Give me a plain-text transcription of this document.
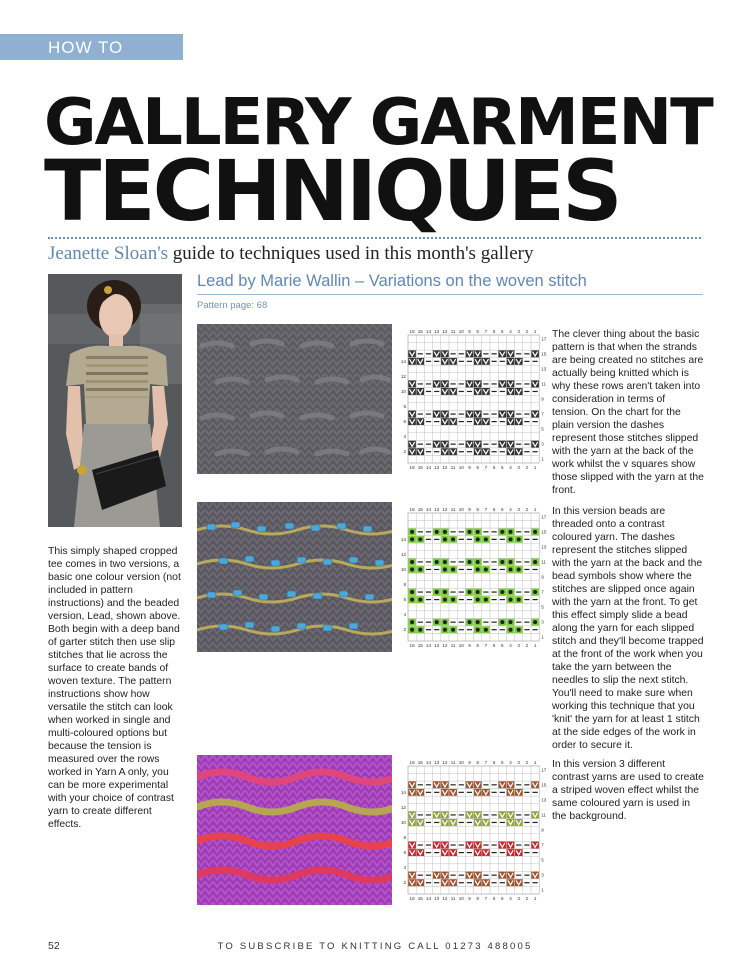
HOW TO
GALLERY GARMENT
TECHNIQUES
Jeanette Sloan's guide to techniques used in this month's gallery
Lead by Marie Wallin – Variations on the woven stitch
Pattern page: 68
This simply shaped cropped tee comes in two versions, a basic one colour version (not included in pattern instructions) and the beaded version, Lead, shown above. Both begin with a deep band of garter stitch then use slip stitches that lie across the surface to create bands of woven texture. The pattern instructions show how versatile the stitch can look when worked in single and multi-coloured options but because the tension is measured over the rows worked in Yarn A only, you can be more experimental with your choice of contrast yarn to create different effects.
16
16
15
15
14
14
13
13
12
12
11
11
10
10
9
9
8
8
7
7
6
6
5
5
4
4
3
3
2
2
1
1
14
12
10
8
6
4
2
17
15
13
11
9
7
5
3
1
16
16
15
15
14
14
13
13
12
12
11
11
10
10
9
9
8
8
7
7
6
6
5
5
4
4
3
3
2
2
1
1
14
12
10
8
6
4
2
17
15
13
11
9
7
5
3
1
16
16
15
15
14
14
13
13
12
12
11
11
10
10
9
9
8
8
7
7
6
6
5
5
4
4
3
3
2
2
1
1
14
12
10
8
6
4
2
17
15
13
11
9
7
5
3
1
The clever thing about the basic pattern is that when the strands are being created no stitches are actually being knitted which is why these rows aren't taken into consideration in terms of tension. On the chart for the plain version the dashes represent those stitches slipped with the yarn at the back of the work whilst the v squares show those slipped with the yarn at the front.
In this version beads are threaded onto a contrast coloured yarn. The dashes represent the stitches slipped with the yarn at the back and the bead symbols show where the stitches are slipped once again with the yarn at the front. To get this effect simply slide a bead along the yarn for each slipped stitch and they'll become trapped at the front of the work when you take the yarn between the needles to slip the next stitch. You'll need to make sure when working this technique that you 'knit' the yarn for at least 1 stitch at the side edges of the work in order to secure it.
In this version 3 different contrast yarns are used to create a striped woven effect whilst the same coloured yarn is used in the background.
52	TO SUBSCRIBE TO KNITTING CALL 01273 488005
